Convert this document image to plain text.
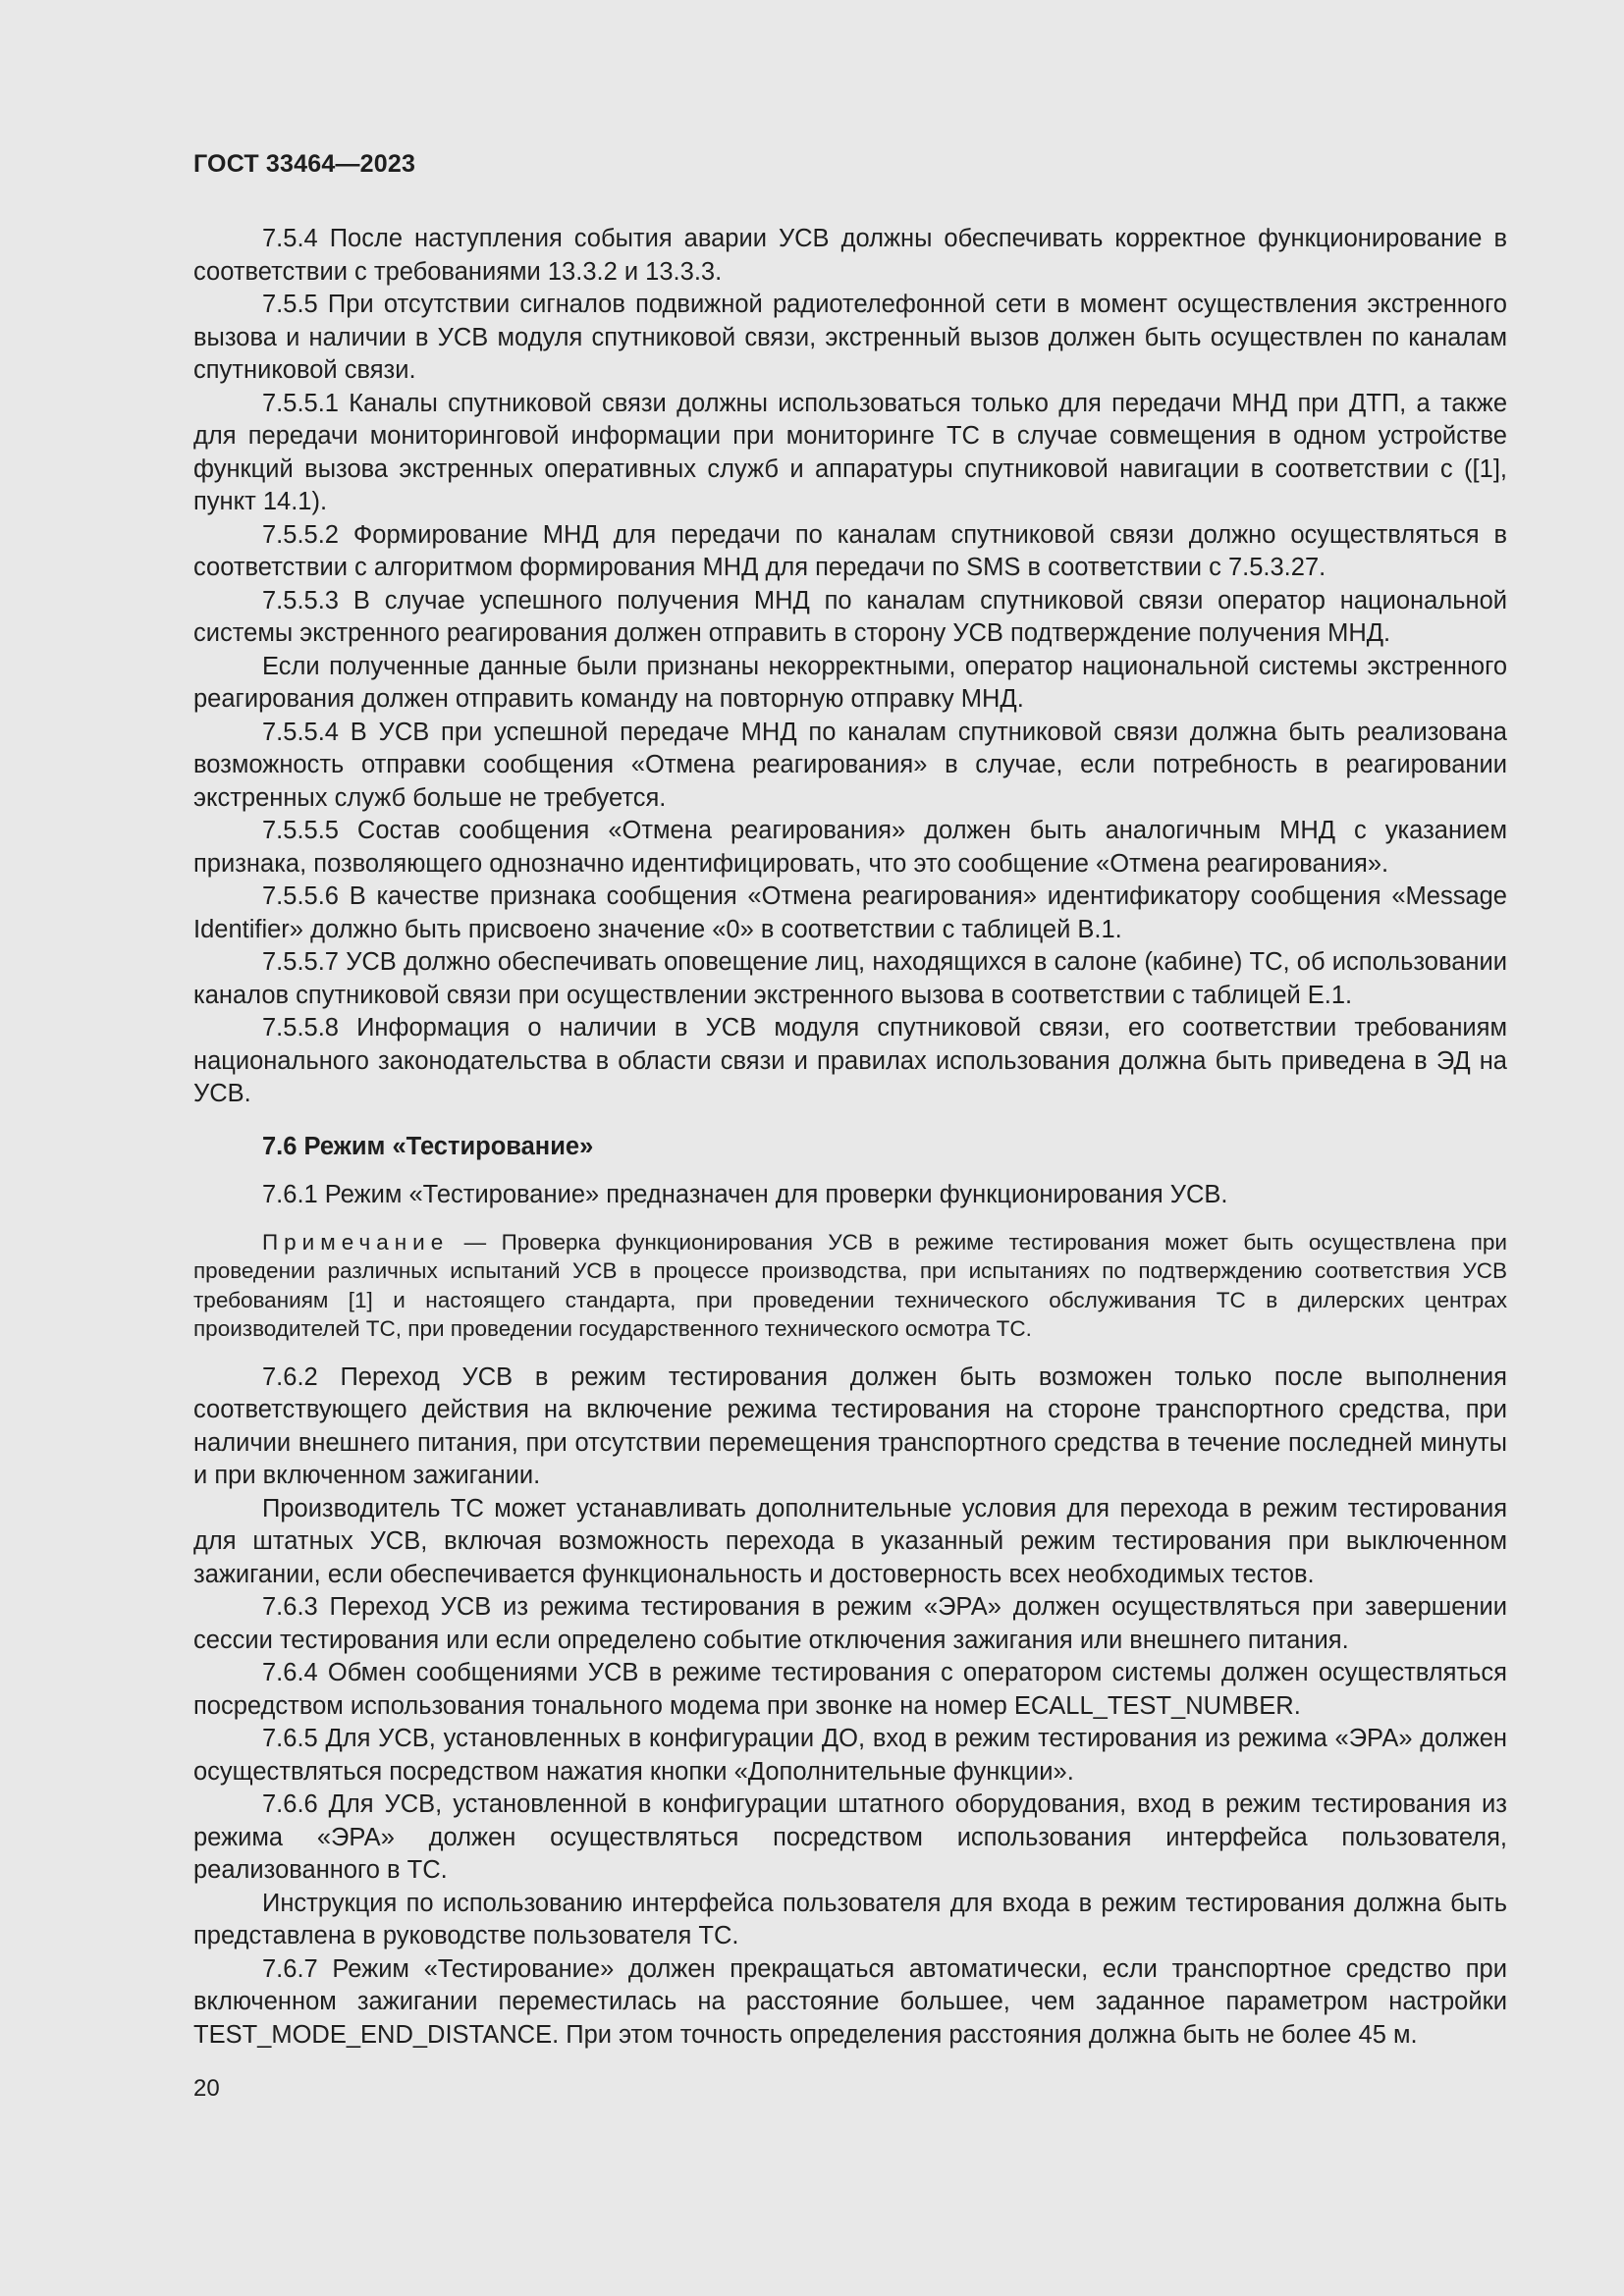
ГОСТ 33464—2023

7.5.4 После наступления события аварии УСВ должны обеспечивать корректное функционирование в соответствии с требованиями 13.3.2 и 13.3.3.

7.5.5 При отсутствии сигналов подвижной радиотелефонной сети в момент осуществления экстренного вызова и наличии в УСВ модуля спутниковой связи, экстренный вызов должен быть осуществлен по каналам спутниковой связи.

7.5.5.1 Каналы спутниковой связи должны использоваться только для передачи МНД при ДТП, а также для передачи мониторинговой информации при мониторинге ТС в случае совмещения в одном устройстве функций вызова экстренных оперативных служб и аппаратуры спутниковой навигации в соответствии с ([1], пункт 14.1).

7.5.5.2 Формирование МНД для передачи по каналам спутниковой связи должно осуществляться в соответствии с алгоритмом формирования МНД для передачи по SMS в соответствии с 7.5.3.27.

7.5.5.3 В случае успешного получения МНД по каналам спутниковой связи оператор национальной системы экстренного реагирования должен отправить в сторону УСВ подтверждение получения МНД.

Если полученные данные были признаны некорректными, оператор национальной системы экстренного реагирования должен отправить команду на повторную отправку МНД.

7.5.5.4 В УСВ при успешной передаче МНД по каналам спутниковой связи должна быть реализована возможность отправки сообщения «Отмена реагирования» в случае, если потребность в реагировании экстренных служб больше не требуется.

7.5.5.5 Состав сообщения «Отмена реагирования» должен быть аналогичным МНД с указанием признака, позволяющего однозначно идентифицировать, что это сообщение «Отмена реагирования».

7.5.5.6 В качестве признака сообщения «Отмена реагирования» идентификатору сообщения «Message Identifier» должно быть присвоено значение «0» в соответствии с таблицей В.1.

7.5.5.7 УСВ должно обеспечивать оповещение лиц, находящихся в салоне (кабине) ТС, об использовании каналов спутниковой связи при осуществлении экстренного вызова в соответствии с таблицей Е.1.

7.5.5.8 Информация о наличии в УСВ модуля спутниковой связи, его соответствии требованиям национального законодательства в области связи и правилах использования должна быть приведена в ЭД на УСВ.

7.6 Режим «Тестирование»

7.6.1 Режим «Тестирование» предназначен для проверки функционирования УСВ.

Примечание — Проверка функционирования УСВ в режиме тестирования может быть осуществлена при проведении различных испытаний УСВ в процессе производства, при испытаниях по подтверждению соответствия УСВ требованиям [1] и настоящего стандарта, при проведении технического обслуживания ТС в дилерских центрах производителей ТС, при проведении государственного технического осмотра ТС.

7.6.2 Переход УСВ в режим тестирования должен быть возможен только после выполнения соответствующего действия на включение режима тестирования на стороне транспортного средства, при наличии внешнего питания, при отсутствии перемещения транспортного средства в течение последней минуты и при включенном зажигании.

Производитель ТС может устанавливать дополнительные условия для перехода в режим тестирования для штатных УСВ, включая возможность перехода в указанный режим тестирования при выключенном зажигании, если обеспечивается функциональность и достоверность всех необходимых тестов.

7.6.3 Переход УСВ из режима тестирования в режим «ЭРА» должен осуществляться при завершении сессии тестирования или если определено событие отключения зажигания или внешнего питания.

7.6.4 Обмен сообщениями УСВ в режиме тестирования с оператором системы должен осуществляться посредством использования тонального модема при звонке на номер ECALL_TEST_NUMBER.

7.6.5 Для УСВ, установленных в конфигурации ДО, вход в режим тестирования из режима «ЭРА» должен осуществляться посредством нажатия кнопки «Дополнительные функции».

7.6.6 Для УСВ, установленной в конфигурации штатного оборудования, вход в режим тестирования из режима «ЭРА» должен осуществляться посредством использования интерфейса пользователя, реализованного в ТС.

Инструкция по использованию интерфейса пользователя для входа в режим тестирования должна быть представлена в руководстве пользователя ТС.

7.6.7 Режим «Тестирование» должен прекращаться автоматически, если транспортное средство при включенном зажигании переместилась на расстояние большее, чем заданное параметром настройки TEST_MODE_END_DISTANCE. При этом точность определения расстояния должна быть не более 45 м.

20
